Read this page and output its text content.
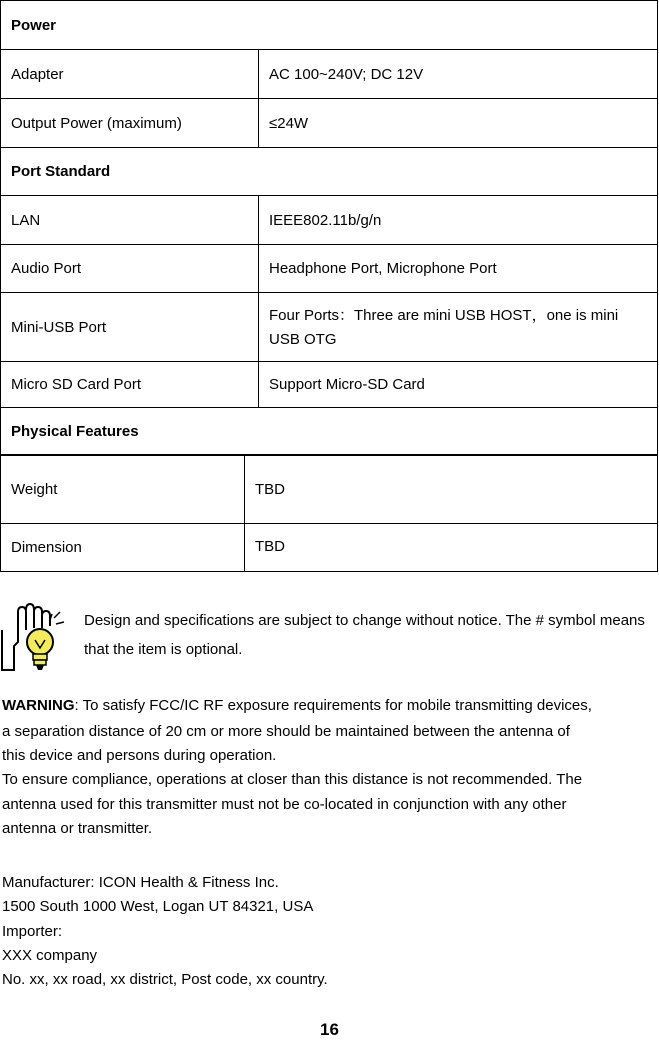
Power	
Adapter	AC 100~240V; DC 12V
Output Power (maximum)	≤24W
Port Standard	
LAN	IEEE802.11b/g/n
Audio Port	Headphone Port, Microphone Port
Mini-USB Port	Four Ports：Three are mini USB HOST，one is mini
USB OTG

Micro SD Card Port	Support Micro-SD Card
Physical Features	
Weight	TBD
Dimension	TBD
Design and specifications are subject to change without notice. The # symbol means that the item is optional.
WARNING: To satisfy FCC/IC RF exposure requirements for mobile transmitting devices,
a separation distance of 20 cm or more should be maintained between the antenna of
this device and persons during operation.
To ensure compliance, operations at closer than this distance is not recommended. The
antenna used for this transmitter must not be co-located in conjunction with any other
antenna or transmitter.
Manufacturer: ICON Health & Fitness Inc.
1500 South 1000 West, Logan UT 84321, USA
Importer:
XXX company
No. xx, xx road, xx district, Post code, xx country.
16
